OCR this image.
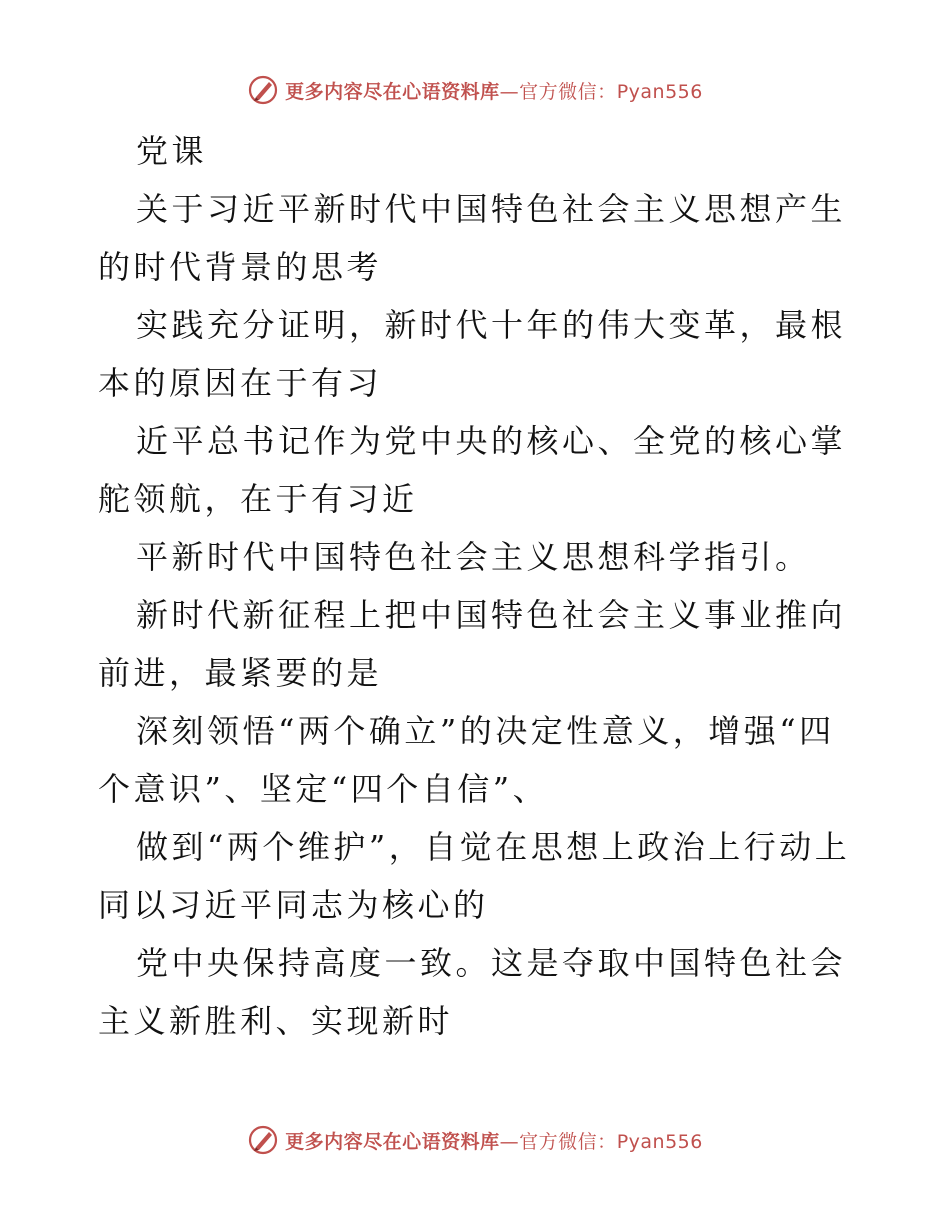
更多内容尽在心语资料库—官方微信：Pyan556

党课

关于习近平新时代中国特色社会主义思想产生的时代背景的思考

实践充分证明，新时代十年的伟大变革，最根本的原因在于有习

近平总书记作为党中央的核心、全党的核心掌舵领航，在于有习近

平新时代中国特色社会主义思想科学指引。

新时代新征程上把中国特色社会主义事业推向前进，最紧要的是

深刻领悟“两个确立”的决定性意义，增强“四个意识”、坚定“四个自信”、

做到“两个维护”，自觉在思想上政治上行动上同以习近平同志为核心的

党中央保持高度一致。这是夺取中国特色社会主义新胜利、实现新时

更多内容尽在心语资料库—官方微信：Pyan556
